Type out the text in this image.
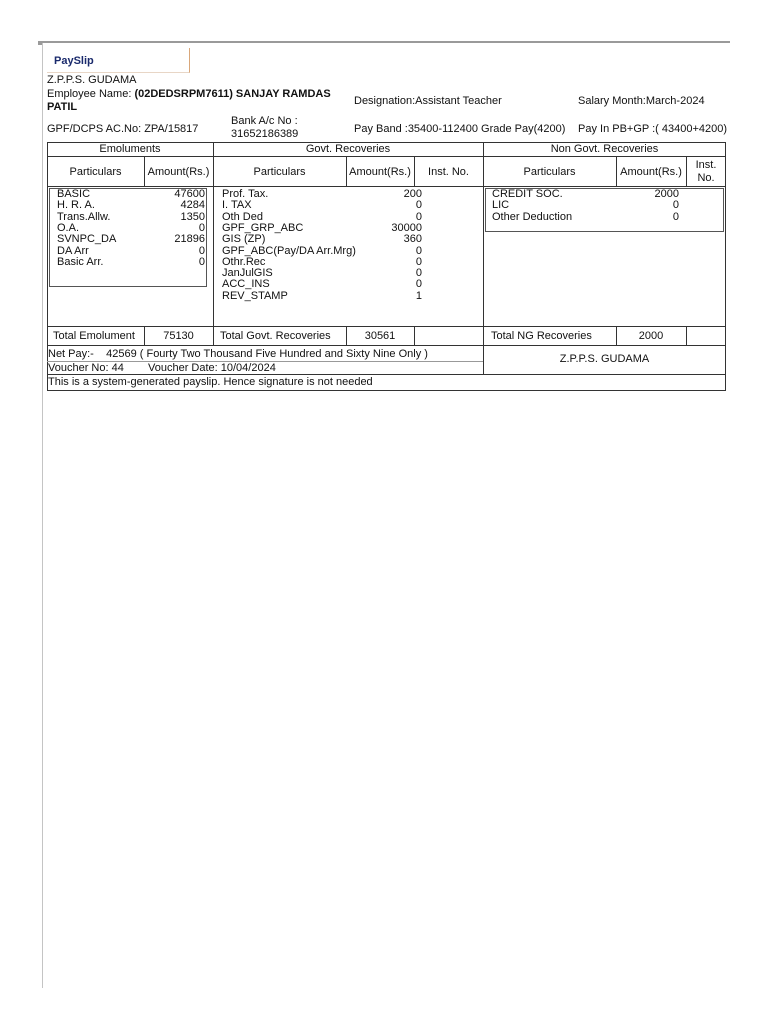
PaySlip
Z.P.P.S. GUDAMA
Employee Name: (02DEDSRPM7611) SANJAY RAMDAS
PATIL	Designation:Assistant Teacher	Salary Month:March-2024
Bank A/c No :
31652186389
GPF/DCPS AC.No: ZPA/15817	Pay Band :35400-112400 Grade Pay(4200) Pay In PB+GP :( 43400+4200)
Emoluments	Govt. Recoveries	Non Govt. Recoveries
Particulars	Amount(Rs.)	Particulars	Amount(Rs.)	Inst. No.	Particulars	Amount(Rs.)
Inst.
No.
BASIC	47600
H. R. A.	4284
Trans.Allw.	1350
O.A.	0
SVNPC_DA	21896
DA Arr	0
Basic Arr.	0
Prof. Tax.	200
I. TAX	0
Oth Ded	0
GPF_GRP_ABC	30000
GIS (ZP)	360
GPF_ABC(Pay/DA Arr.Mrg)	0
Othr.Rec	0
JanJulGIS	0
ACC_INS	0
REV_STAMP	1
CREDIT SOC.	2000
LIC	0
Other Deduction	0
Total Emolument	75130	Total Govt. Recoveries	30561	Total NG Recoveries	2000
Net Pay:- 42569 ( Fourty Two Thousand Five Hundred and Sixty Nine Only )
Voucher No: 44 Voucher Date: 10/04/2024
Z.P.P.S. GUDAMA
This is a system-generated payslip. Hence signature is not needed
